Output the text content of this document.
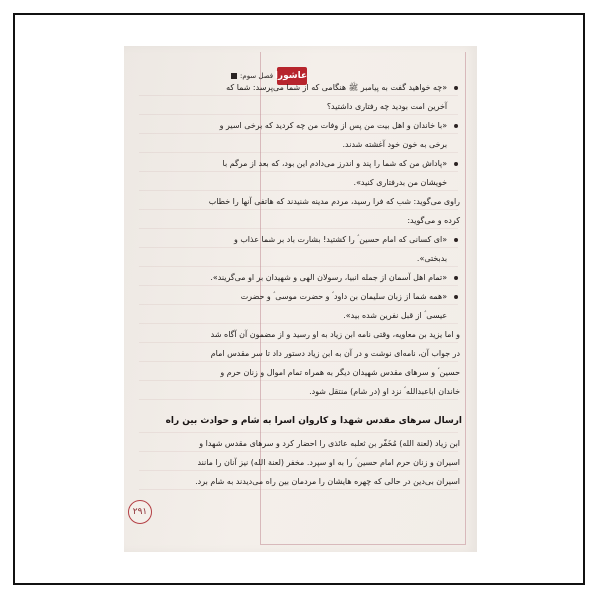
عاشورا
فصل سوم:
۲۹۱
«چه خواهید گفت به پیامبر ﷺ هنگامی که از شما می‌پرسد: شما که
آخرین امت بودید چه رفتاری داشتید؟
«با خاندان و اهل بیت من پس از وفات من چه کردید که برخی اسیر و
برخی به خون خود آغشته شدند.
«پاداش من که شما را پند و اندرز می‌دادم این بود، که بعد از مرگم با
خویشان من بدرفتاری کنید».
راوی می‌گوید: شب که فرا رسید، مردم مدینه شنیدند که هاتفی آنها را خطاب
کرده و می‌گوید:
«ای کسانی که امام حسین ؑ را کشتید! بشارت باد بر شما عذاب و
بدبختی».
«تمام اهل آسمان از جمله انبیا، رسولان الهی و شهیدان بر او می‌گریند».
«همه شما از زبان سلیمان بن داود ؑ و حضرت موسی ؑ و حضرت
عیسی ؑ از قبل نفرین شده بید».
و اما یزید بن معاویه، وقتی نامه ابن زیاد به او رسید و از مضمون آن آگاه شد
در جواب آن، نامه‌ای نوشت و در آن به ابن زیاد دستور داد تا سر مقدس امام
حسین ؑ و سرهای مقدس شهیدان دیگر به همراه تمام اموال و زنان حرم و
خاندان اباعبدالله ؑ نزد او (در شام) منتقل شود.
ارسال سرهای مقدس شهدا و کاروان اسرا به شام و حوادث بین راه
ابن زیاد (لعنة الله) مُخَفّر بن ثعلبه عائذی را احضار کرد و سرهای مقدس شهدا و
اسیران و زنان حرم امام حسین ؑ را به او سپرد. مخفر (لعنة الله) نیز آنان را مانند
اسیران بی‌دین در حالی که چهره هایشان را مردمان بین راه می‌دیدند به شام برد.
